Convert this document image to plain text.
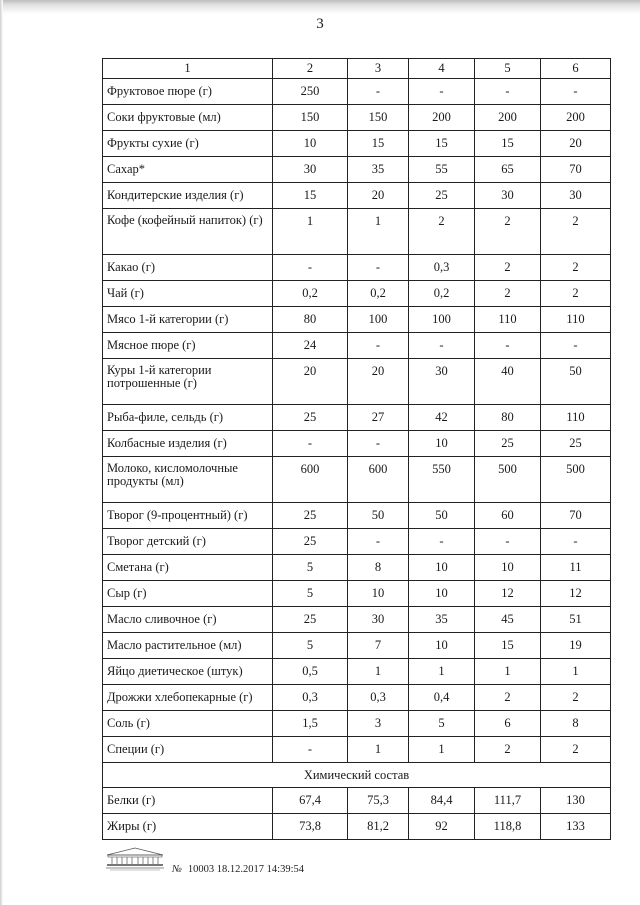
3
1	2	3	4	5	6
Фруктовое пюре (г)	250	-	-	-	-
Соки фруктовые (мл)	150	150	200	200	200
Фрукты сухие (г)	10	15	15	15	20
Сахар*	30	35	55	65	70
Кондитерские изделия (г)	15	20	25	30	30
Кофе (кофейный напиток) (г)	1	1	2	2	2
Какао (г)	-	-	0,3	2	2
Чай (г)	0,2	0,2	0,2	2	2
Мясо 1-й категории (г)	80	100	100	110	110
Мясное пюре (г)	24	-	-	-	-
Куры 1-й категории потрошенные (г)	20	20	30	40	50
Рыба-филе, сельдь (г)	25	27	42	80	110
Колбасные изделия (г)	-	-	10	25	25
Молоко, кисломолочные продукты (мл)	600	600	550	500	500
Творог (9-процентный) (г)	25	50	50	60	70
Творог детский (г)	25	-	-	-	-
Сметана (г)	5	8	10	10	11
Сыр (г)	5	10	10	12	12
Масло сливочное (г)	25	30	35	45	51
Масло растительное (мл)	5	7	10	15	19
Яйцо диетическое (штук)	0,5	1	1	1	1
Дрожжи хлебопекарные (г)	0,3	0,3	0,4	2	2
Соль (г)	1,5	3	5	6	8
Специи (г)	-	1	1	2	2
Химический состав					
Белки (г)	67,4	75,3	84,4	111,7	130
Жиры (г)	73,8	81,2	92	118,8	133
№ 10003 18.12.2017 14:39:54
